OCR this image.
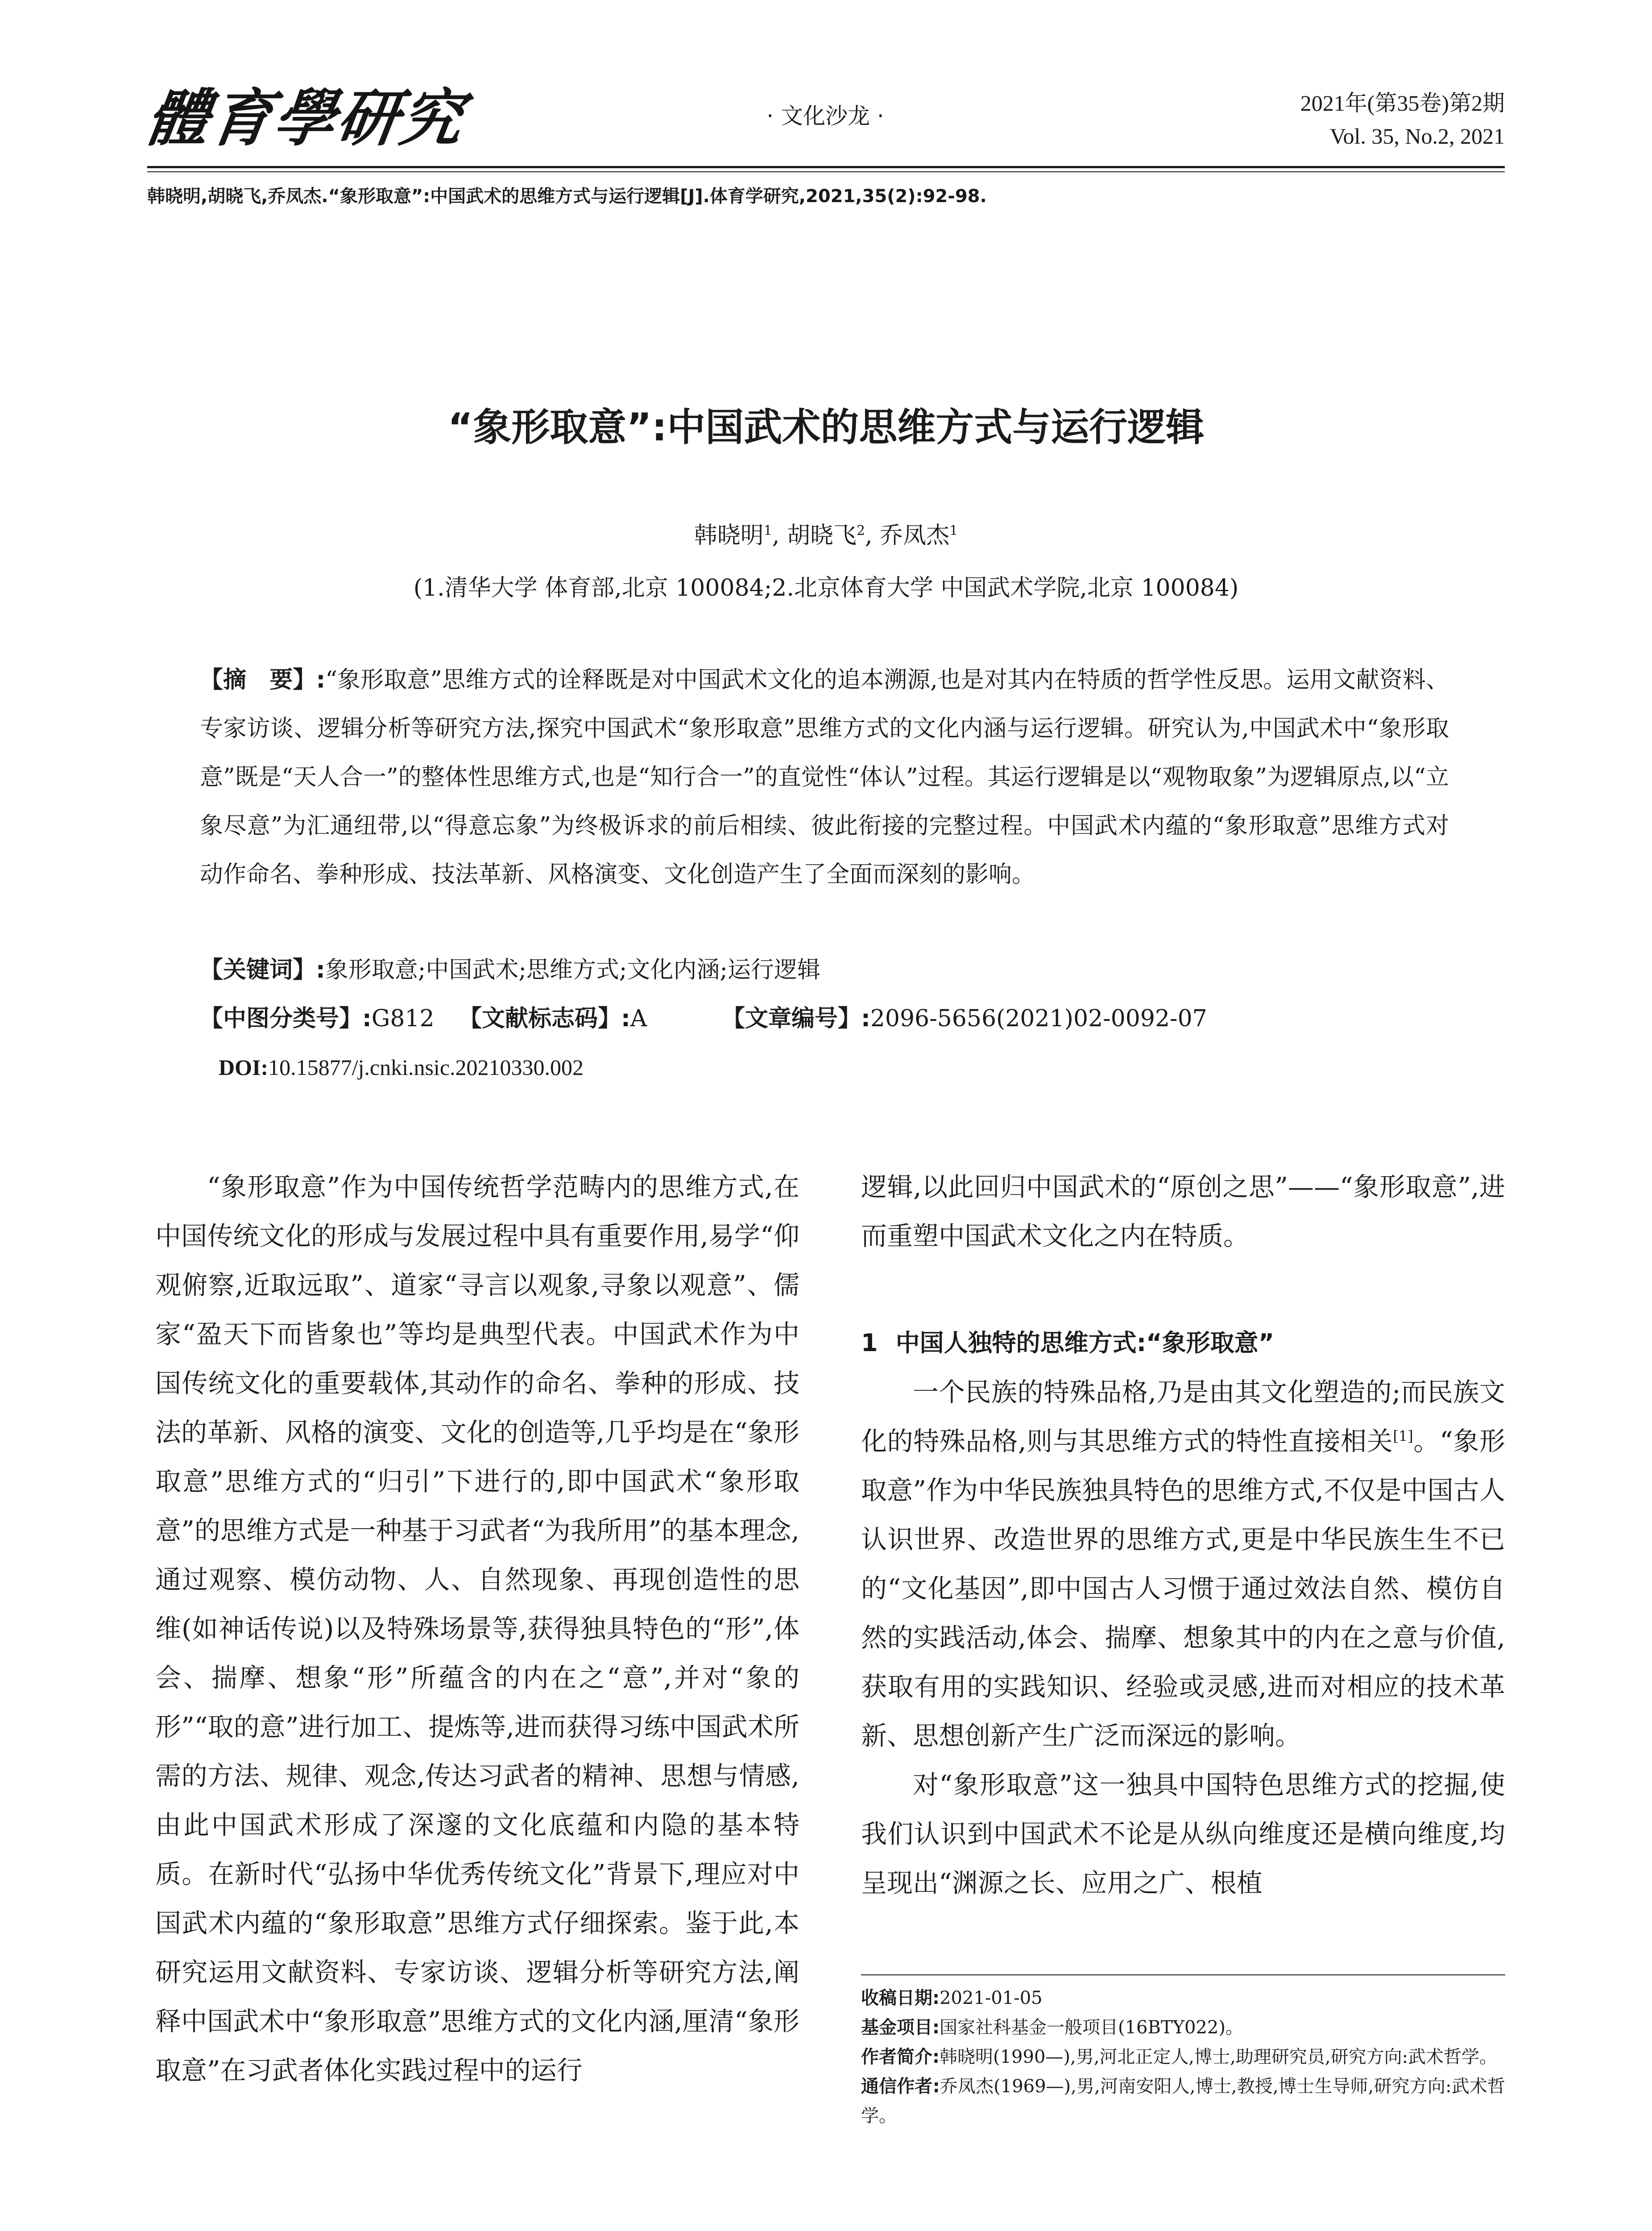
體育學研究	· 文化沙龙 ·	2021年(第35卷)第2期
Vol. 35, No.2, 2021
韩晓明,胡晓飞,乔凤杰.“象形取意”:中国武术的思维方式与运行逻辑[J].体育学研究,2021,35(2):92-98.
“象形取意”:中国武术的思维方式与运行逻辑
韩晓明$^1$, 胡晓飞$^2$, 乔凤杰$^1$
(1.清华大学 体育部,北京 100084;2.北京体育大学 中国武术学院,北京 100084)
【摘　要】:“象形取意”思维方式的诠释既是对中国武术文化的追本溯源,也是对其内在特质的哲学性反思。运用文献资料、专家访谈、逻辑分析等研究方法,探究中国武术“象形取意”思维方式的文化内涵与运行逻辑。研究认为,中国武术中“象形取意”既是“天人合一”的整体性思维方式,也是“知行合一”的直觉性“体认”过程。其运行逻辑是以“观物取象”为逻辑原点,以“立象尽意”为汇通纽带,以“得意忘象”为终极诉求的前后相续、彼此衔接的完整过程。中国武术内蕴的“象形取意”思维方式对动作命名、拳种形成、技法革新、风格演变、文化创造产生了全面而深刻的影响。
【关键词】:象形取意;中国武术;思维方式;文化内涵;运行逻辑
【中图分类号】:G812 【文献标志码】:A	【文章编号】:2096-5656(2021)02-0092-07
DOI:10.15877/j.cnki.nsic.20210330.002

“象形取意”作为中国传统哲学范畴内的思维方式,在中国传统文化的形成与发展过程中具有重要作用,易学“仰观俯察,近取远取”、道家“寻言以观象,寻象以观意”、儒家“盈天下而皆象也”等均是典型代表。中国武术作为中国传统文化的重要载体,其动作的命名、拳种的形成、技法的革新、风格的演变、文化的创造等,几乎均是在“象形取意”思维方式的“归引”下进行的,即中国武术“象形取意”的思维方式是一种基于习武者“为我所用”的基本理念,通过观察、模仿动物、人、自然现象、再现创造性的思维(如神话传说)以及特殊场景等,获得独具特色的“形”,体会、揣摩、想象“形”所蕴含的内在之“意”,并对“象的形”“取的意”进行加工、提炼等,进而获得习练中国武术所需的方法、规律、观念,传达习武者的精神、思想与情感,由此中国武术形成了深邃的文化底蕴和内隐的基本特质。在新时代“弘扬中华优秀传统文化”背景下,理应对中国武术内蕴的“象形取意”思维方式仔细探索。鉴于此,本研究运用文献资料、专家访谈、逻辑分析等研究方法,阐释中国武术中“象形取意”思维方式的文化内涵,厘清“象形取意”在习武者体化实践过程中的运行

逻辑,以此回归中国武术的“原创之思”——“象形取意”,进而重塑中国武术文化之内在特质。

1 中国人独特的思维方式:“象形取意”

一个民族的特殊品格,乃是由其文化塑造的;而民族文化的特殊品格,则与其思维方式的特性直接相关[1]。“象形取意”作为中华民族独具特色的思维方式,不仅是中国古人认识世界、改造世界的思维方式,更是中华民族生生不已的“文化基因”,即中国古人习惯于通过效法自然、模仿自然的实践活动,体会、揣摩、想象其中的内在之意与价值,获取有用的实践知识、经验或灵感,进而对相应的技术革新、思想创新产生广泛而深远的影响。

对“象形取意”这一独具中国特色思维方式的挖掘,使我们认识到中国武术不论是从纵向维度还是横向维度,均呈现出“渊源之长、应用之广、根植

收稿日期:2021-01-05

基金项目:国家社科基金一般项目(16BTY022)。

作者简介:韩晓明(1990—),男,河北正定人,博士,助理研究员,研究方向:武术哲学。

通信作者:乔凤杰(1969—),男,河南安阳人,博士,教授,博士生导师,研究方向:武术哲学。
